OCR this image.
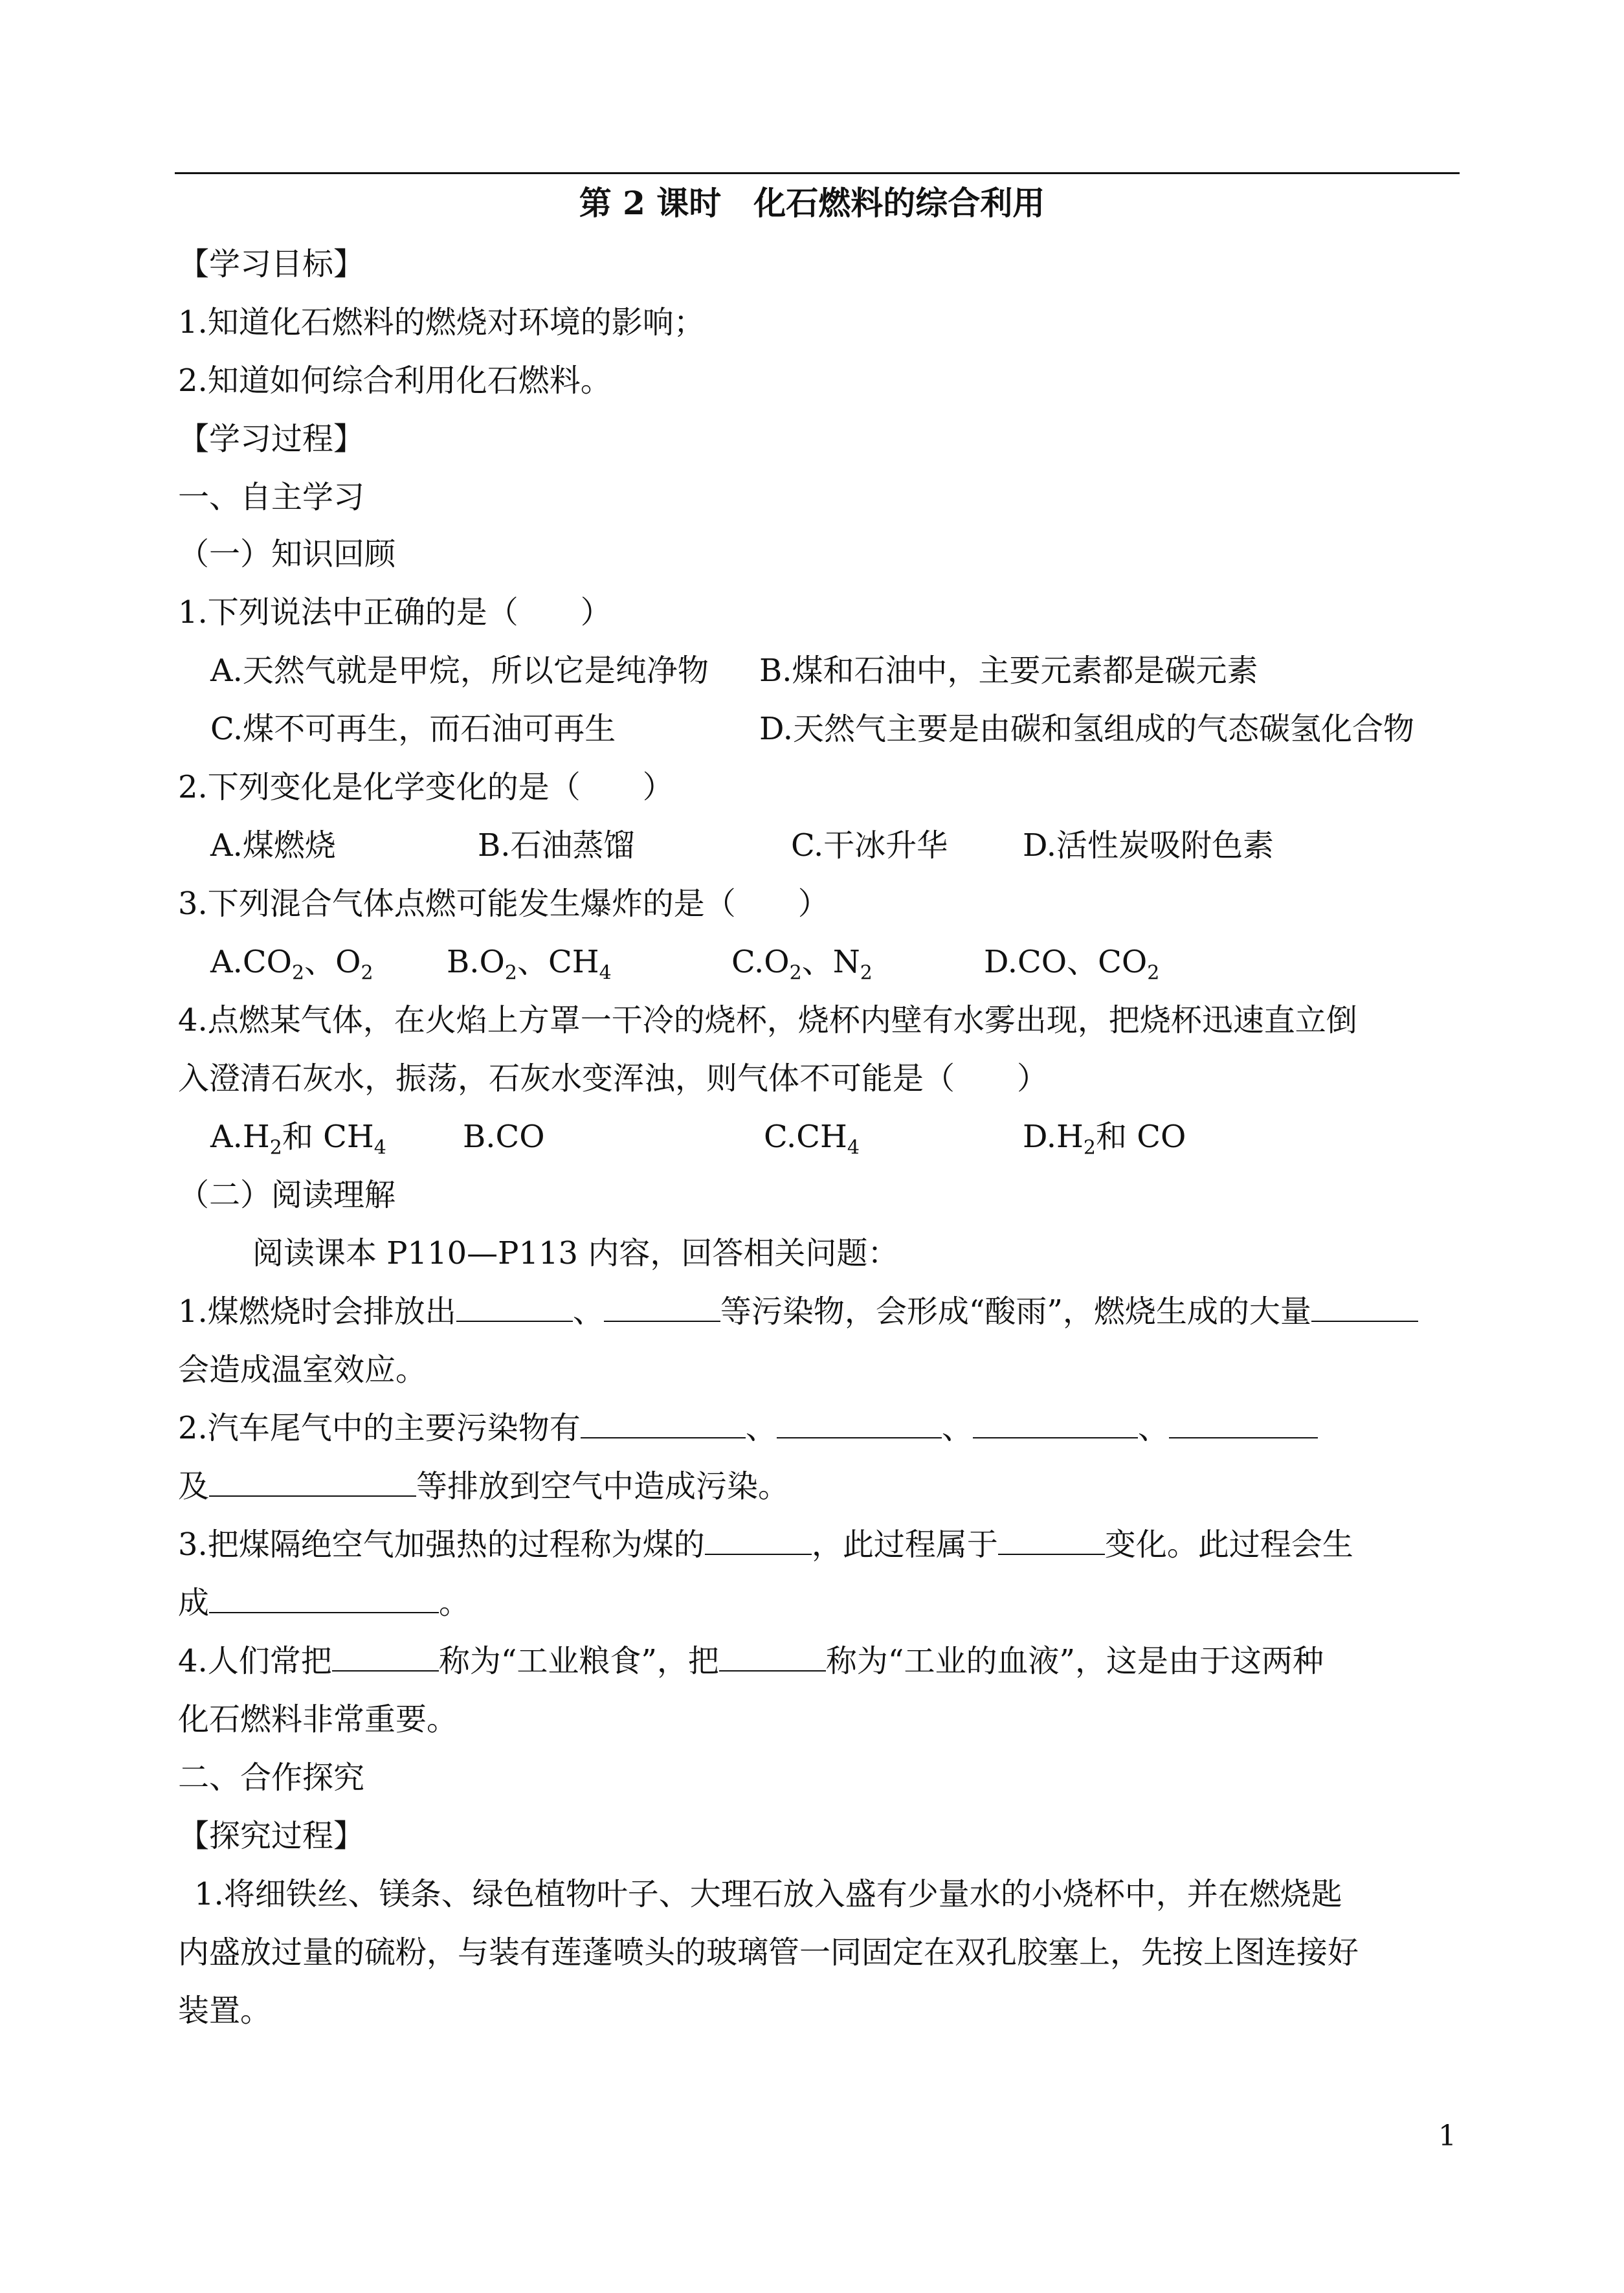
第 2 课时　化石燃料的综合利用
【学习目标】
1.知道化石燃料的燃烧对环境的影响；
2.知道如何综合利用化石燃料。
【学习过程】
一、自主学习
（一）知识回顾
1.下列说法中正确的是（　　）
A.天然气就是甲烷，所以它是纯净物 B.煤和石油中，主要元素都是碳元素
C.煤不可再生，而石油可再生	D.天然气主要是由碳和氢组成的气态碳氢化合物
2.下列变化是化学变化的是（　　）
A.煤燃烧	B.石油蒸馏	C.干冰升华 D.活性炭吸附色素
3.下列混合气体点燃可能发生爆炸的是（　　）
$A.CO_2$、$O_2$ $B.O_2$、$CH_4$	$C.O_2$、$N_2$	D.CO、$CO_2$
4.点燃某气体，在火焰上方罩一干冷的烧杯，烧杯内壁有水雾出现，把烧杯迅速直立倒
入澄清石灰水，振荡，石灰水变浑浊，则气体不可能是（　　）
$A.H_2$和 $CH_4$ B.CO	$C.CH_4$	$D.H_2$和 CO
（二）阅读理解
阅读课本 P110—P113 内容，回答相关问题：
1.煤燃烧时会排放出	、	等污染物，会形成“酸雨”，燃烧生成的大量
会造成温室效应。
2.汽车尾气中的主要污染物有	、	、	、
及	等排放到空气中造成污染。
3.把煤隔绝空气加强热的过程称为煤的	，此过程属于	变化。此过程会生
成	。
4.人们常把	称为“工业粮食”，把	称为“工业的血液”，这是由于这两种
化石燃料非常重要。
二、合作探究
【探究过程】
1.将细铁丝、镁条、绿色植物叶子、大理石放入盛有少量水的小烧杯中，并在燃烧匙
内盛放过量的硫粉，与装有莲蓬喷头的玻璃管一同固定在双孔胶塞上，先按上图连接好
装置。
1
